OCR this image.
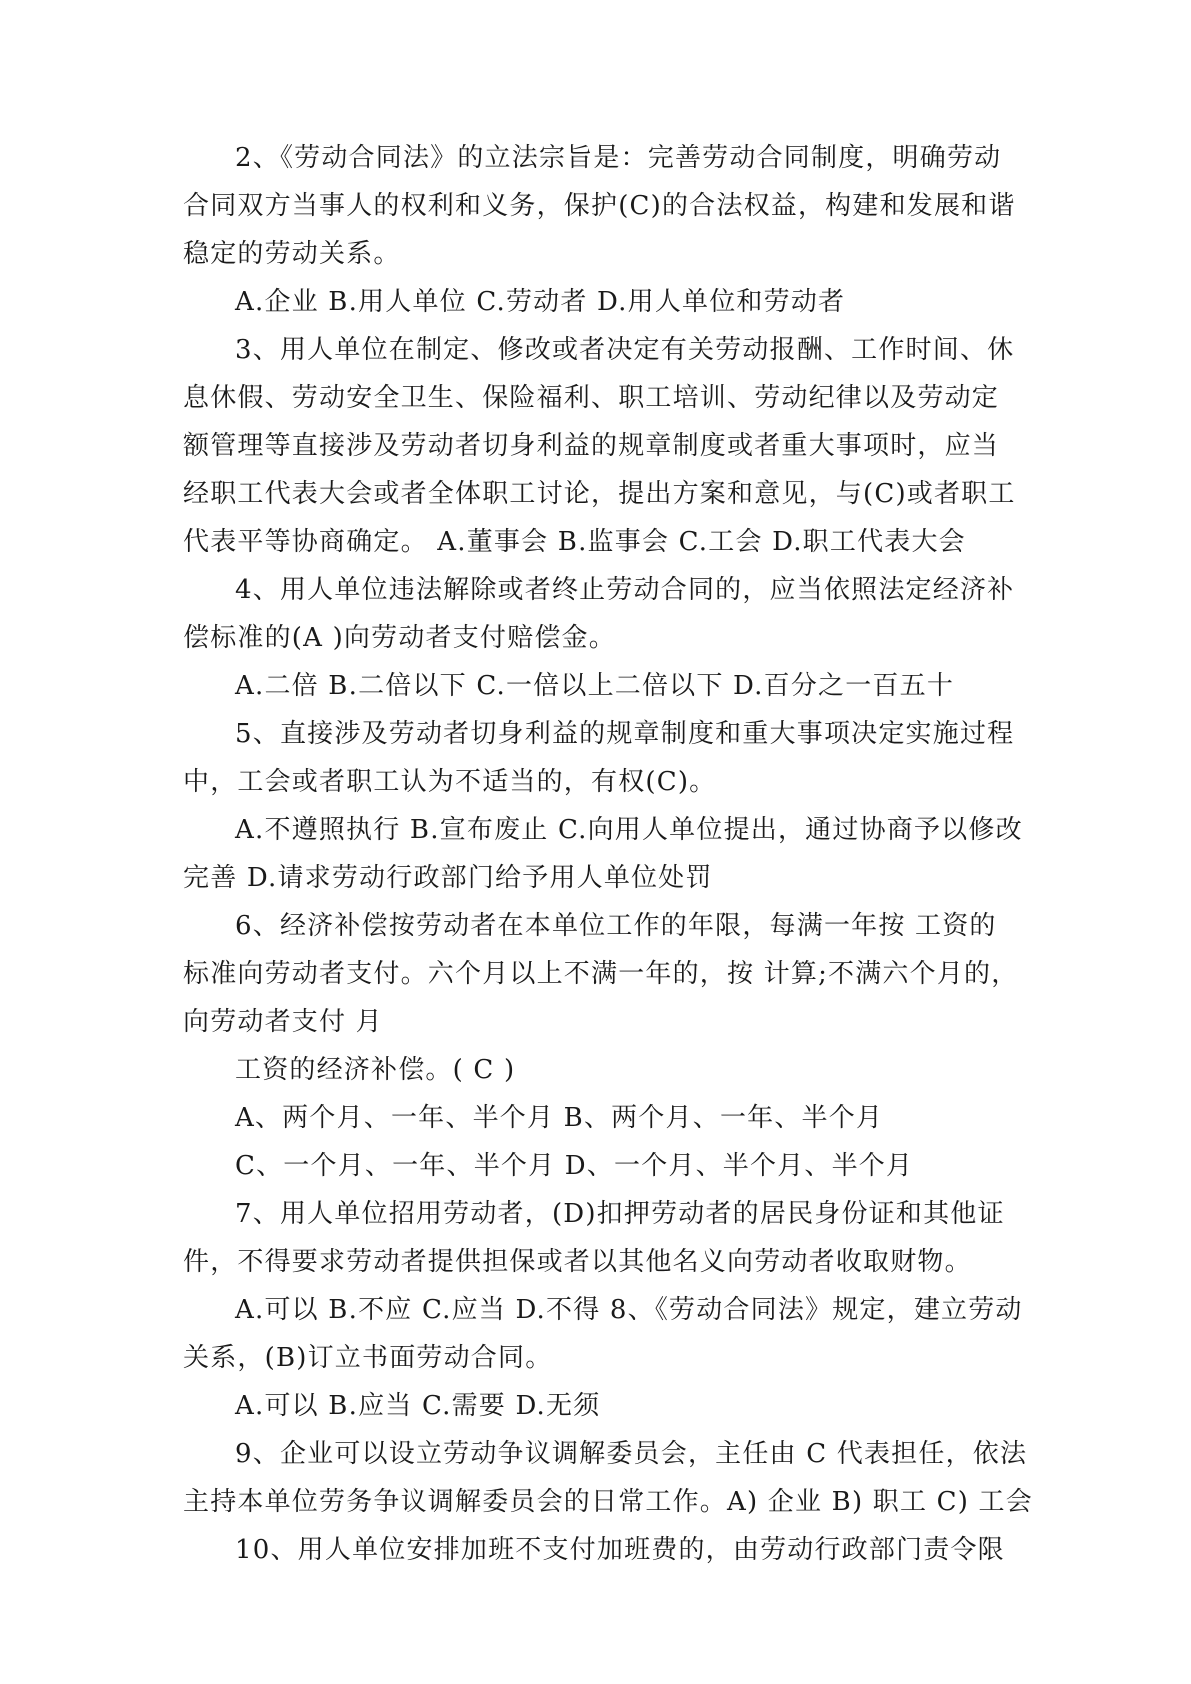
2、《劳动合同法》的立法宗旨是：完善劳动合同制度，明确劳动
合同双方当事人的权利和义务，保护(C)的合法权益，构建和发展和谐
稳定的劳动关系。
A.企业 B.用人单位 C.劳动者 D.用人单位和劳动者
3、用人单位在制定、修改或者决定有关劳动报酬、工作时间、休
息休假、劳动安全卫生、保险福利、职工培训、劳动纪律以及劳动定
额管理等直接涉及劳动者切身利益的规章制度或者重大事项时，应当
经职工代表大会或者全体职工讨论，提出方案和意见，与(C)或者职工
代表平等协商确定。 A.董事会 B.监事会 C.工会 D.职工代表大会
4、用人单位违法解除或者终止劳动合同的，应当依照法定经济补
偿标准的(A )向劳动者支付赔偿金。
A.二倍 B.二倍以下 C.一倍以上二倍以下 D.百分之一百五十
5、直接涉及劳动者切身利益的规章制度和重大事项决定实施过程
中，工会或者职工认为不适当的，有权(C)。
A.不遵照执行 B.宣布废止 C.向用人单位提出，通过协商予以修改
完善 D.请求劳动行政部门给予用人单位处罚
6、经济补偿按劳动者在本单位工作的年限，每满一年按 工资的
标准向劳动者支付。六个月以上不满一年的，按 计算;不满六个月的，
向劳动者支付 月
工资的经济补偿。( C )
A、两个月、一年、半个月 B、两个月、一年、半个月
C、一个月、一年、半个月 D、一个月、半个月、半个月
7、用人单位招用劳动者，(D)扣押劳动者的居民身份证和其他证
件，不得要求劳动者提供担保或者以其他名义向劳动者收取财物。
A.可以 B.不应 C.应当 D.不得 8、《劳动合同法》规定，建立劳动
关系，(B)订立书面劳动合同。
A.可以 B.应当 C.需要 D.无须
9、企业可以设立劳动争议调解委员会，主任由 C 代表担任，依法
主持本单位劳务争议调解委员会的日常工作。A) 企业 B) 职工 C) 工会
10、用人单位安排加班不支付加班费的，由劳动行政部门责令限
